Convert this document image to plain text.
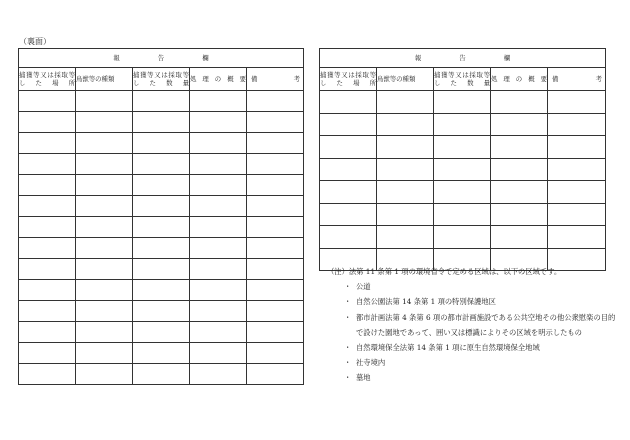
（裏面）
報 告 欄				

捕獲等又は採取等した場所	鳥獣等の種類	捕獲等又は採取等した数量	処理の概要	備 考

報 告 欄				

捕獲等又は採取等した場所	鳥獣等の種類	捕獲等又は採取等した数量	処理の概要	備 考

（注）法第 11 条第 1 項の環境省令で定める区域は、以下の区域です。
・ 公道
・ 自然公園法第 14 条第 1 項の特別保護地区
・ 都市計画法第 4 条第 6 項の都市計画施設である公共空地その他公衆慰楽の目的で設けた園地であって、囲い又は標識によりその区域を明示したもの
・ 自然環境保全法第 14 条第 1 項に原生自然環境保全地域
・ 社寺境内
・ 墓地
